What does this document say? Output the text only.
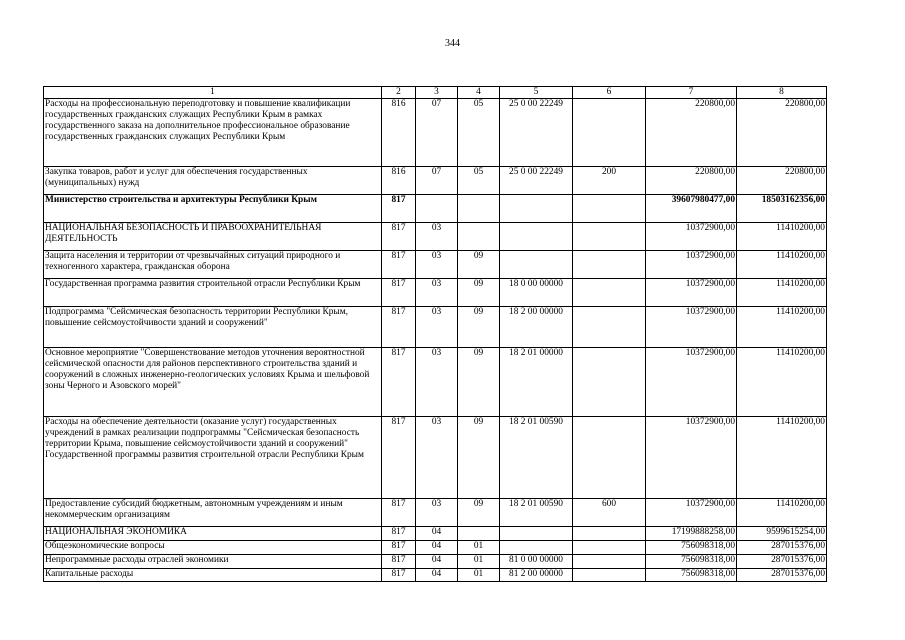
344
1	2	3	4	5	6	7	8
Расходы на профессиональную переподготовку и повышение квалификации государственных гражданских служащих Республики Крым в рамках государственного заказа на дополнительное профессиональное образование государственных гражданских служащих Республики Крым	816	07	05	25 0 00 22249		220800,00	220800,00
Закупка товаров, работ и услуг для обеспечения государственных (муниципальных) нужд	816	07	05	25 0 00 22249	200	220800,00	220800,00
Министерство строительства и архитектуры Республики Крым	817					39607980477,00	18503162356,00
НАЦИОНАЛЬНАЯ БЕЗОПАСНОСТЬ И ПРАВООХРАНИТЕЛЬНАЯ ДЕЯТЕЛЬНОСТЬ	817	03				10372900,00	11410200,00
Защита населения и территории от чрезвычайных ситуаций природного и техногенного характера, гражданская оборона	817	03	09			10372900,00	11410200,00
Государственная программа развития строительной отрасли Республики Крым	817	03	09	18 0 00 00000		10372900,00	11410200,00
Подпрограмма "Сейсмическая безопасность территории Республики Крым, повышение сейсмоустойчивости зданий и сооружений"	817	03	09	18 2 00 00000		10372900,00	11410200,00
Основное мероприятие "Совершенствование методов уточнения вероятностной сейсмической опасности для районов перспективного строительства зданий и сооружений в сложных инженерно-геологических условиях Крыма и шельфовой зоны Черного и Азовского морей"	817	03	09	18 2 01 00000		10372900,00	11410200,00
Расходы на обеспечение деятельности (оказание услуг) государственных учреждений в рамках реализации подпрограммы "Сейсмическая безопасность территории Крыма, повышение сейсмоустойчивости зданий и сооружений" Государственной программы развития строительной отрасли Республики Крым	817	03	09	18 2 01 00590		10372900,00	11410200,00
Предоставление субсидий бюджетным, автономным учреждениям и иным некоммерческим организациям	817	03	09	18 2 01 00590	600	10372900,00	11410200,00
НАЦИОНАЛЬНАЯ ЭКОНОМИКА	817	04				17199888258,00	9599615254,00
Общеэкономические вопросы	817	04	01			756098318,00	287015376,00
Непрограммные расходы отраслей экономики	817	04	01	81 0 00 00000		756098318,00	287015376,00
Капитальные расходы	817	04	01	81 2 00 00000		756098318,00	287015376,00
